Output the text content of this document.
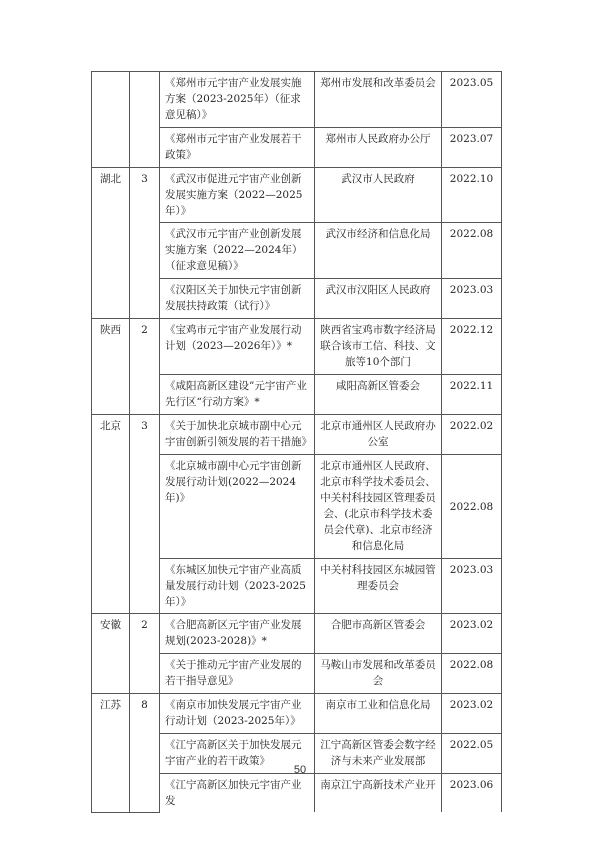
		《郑州市元宇宙产业发展实施方案（2023-2025年）（征求意见稿）》	郑州市发展和改革委员会	2023.05
		《郑州市元宇宙产业发展若干政策》	郑州市人民政府办公厅	2023.07
湖北	3	《武汉市促进元宇宙产业创新发展实施方案（2022—2025年）》	武汉市人民政府	2022.10
		《武汉市元宇宙产业创新发展实施方案（2022—2024年）（征求意见稿）》	武汉市经济和信息化局	2022.08
		《汉阳区关于加快元宇宙创新发展扶持政策（试行）》	武汉市汉阳区人民政府	2023.03
陕西	2	《宝鸡市元宇宙产业发展行动计划（2023—2026年）》*	陕西省宝鸡市数字经济局联合该市工信、科技、文旅等10个部门	2022.12
		《咸阳高新区建设”元宇宙产业先行区“行动方案》*	咸阳高新区管委会	2022.11
北京	3	《关于加快北京城市副中心元宇宙创新引领发展的若干措施》	北京市通州区人民政府办公室	2022.02
		《北京城市副中心元宇宙创新发展行动计划(2022—2024年)》	北京市通州区人民政府、北京市科学技术委员会、中关村科技园区管理委员会、(北京市科学技术委员会代章)、北京市经济和信息化局	2022.08
		《东城区加快元宇宙产业高质量发展行动计划（2023-2025年）》	中关村科技园区东城园管理委员会	2023.03
安徽	2	《合肥高新区元宇宙产业发展规划(2023-2028)》*	合肥市高新区管委会	2023.02
		《关于推动元宇宙产业发展的若干指导意见》	马鞍山市发展和改革委员会	2022.08
江苏	8	《南京市加快发展元宇宙产业行动计划（2023-2025年）》	南京市工业和信息化局	2023.02
		《江宁高新区关于加快发展元宇宙产业的若干政策》	江宁高新区管委会数字经济与未来产业发展部	2022.05
		《江宁高新区加快元宇宙产业发	南京江宁高新技术产业开	2023.06
50
